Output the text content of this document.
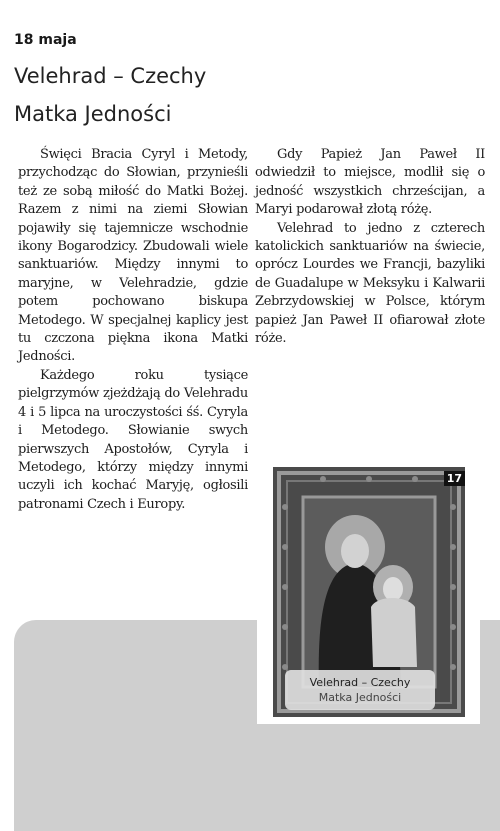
18 maja
Velehrad – Czechy
Matka Jedności

Święci Bracia Cyryl i Metody, przychodząc do Słowian, przynieśli też ze sobą miłość do Matki Bożej. Razem z nimi na ziemi Słowian pojawiły się tajemnicze wschodnie ikony Bogarodzicy. Zbudowali wiele sanktuariów. Między innymi to maryjne, w Velehradzie, gdzie potem pochowano biskupa Metodego. W specjalnej kaplicy jest tu czczona piękna ikona Matki Jedności.

Każdego roku tysiące pielgrzymów zjeżdżają do Velehradu 4 i 5 lipca na uroczystości śś. Cyryla i Metodego. Słowianie swych pierwszych Apostołów, Cyryla i Metodego, którzy między innymi uczyli ich kochać Maryję, ogłosili patronami Czech i Europy.

Gdy Papież Jan Paweł II odwiedził to miejsce, modlił się o jedność wszystkich chrześcijan, a Maryi podarował złotą różę.

Velehrad to jedno z czterech katolickich sanktuariów na świecie, oprócz Lourdes we Francji, bazyliki de Guadalupe w Meksyku i Kalwarii Zebrzydowskiej w Polsce, którym papież Jan Paweł II ofiarował złote róże.

17
Velehrad – Czechy
Matka Jedności
